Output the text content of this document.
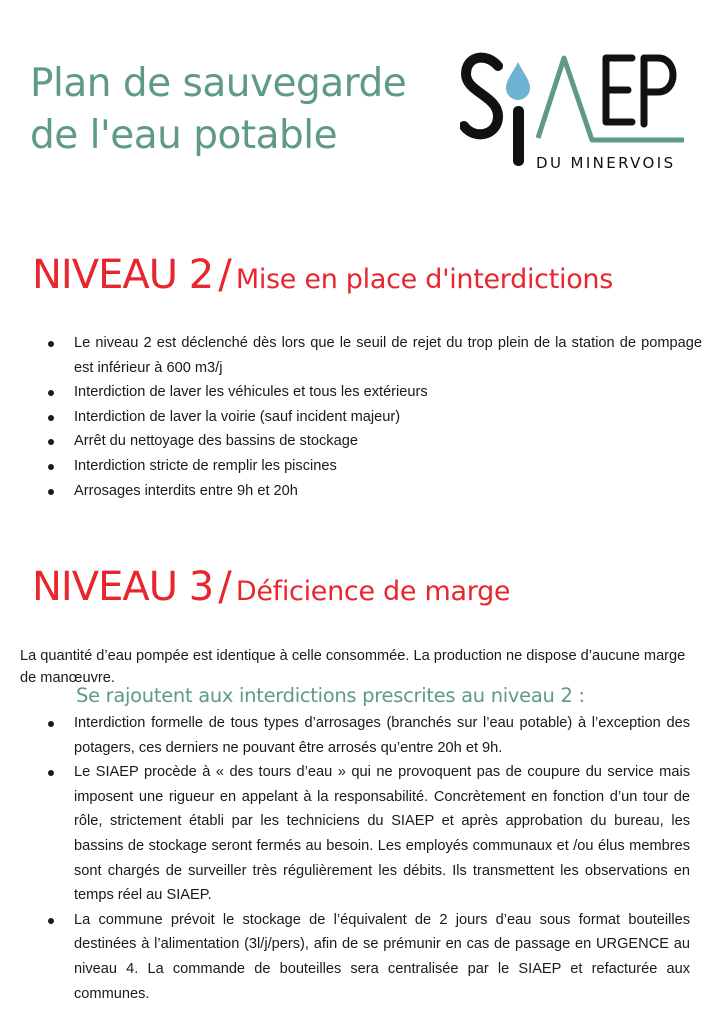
Plan de sauvegarde
de l'eau potable
DU MINERVOIS
NIVEAU 2 / Mise en place d'interdictions
Le niveau 2 est déclenché dès lors que le seuil de rejet du trop plein de la station de pompage est inférieur à 600 m3/j
Interdiction de laver les véhicules et tous les extérieurs
Interdiction de laver la voirie (sauf incident majeur)
Arrêt du nettoyage des bassins de stockage
Interdiction stricte de remplir les piscines
Arrosages interdits entre 9h et 20h
NIVEAU 3 / Déficience de marge
La quantité d’eau pompée est identique à celle consommée. La production ne dispose d’aucune marge de manœuvre.
Se rajoutent aux interdictions prescrites au niveau 2 :
Interdiction formelle de tous types d’arrosages (branchés sur l’eau potable) à l’exception des potagers, ces derniers ne pouvant être arrosés qu’entre 20h et 9h.
Le SIAEP procède à « des tours d’eau » qui ne provoquent pas de coupure du service mais imposent une rigueur en appelant à la responsabilité. Concrètement en fonction d’un tour de rôle, strictement établi par les techniciens du SIAEP et après approbation du bureau, les bassins de stockage seront fermés au besoin. Les employés communaux et /ou élus membres sont chargés de surveiller très régulièrement les débits. Ils transmettent les observations en temps réel au SIAEP.
La commune prévoit le stockage de l’équivalent de 2 jours d’eau sous format bouteilles destinées à l’alimentation (3l/j/pers), afin de se prémunir en cas de passage en URGENCE au niveau 4. La commande de bouteilles sera centralisée par le SIAEP et refacturée aux communes.
